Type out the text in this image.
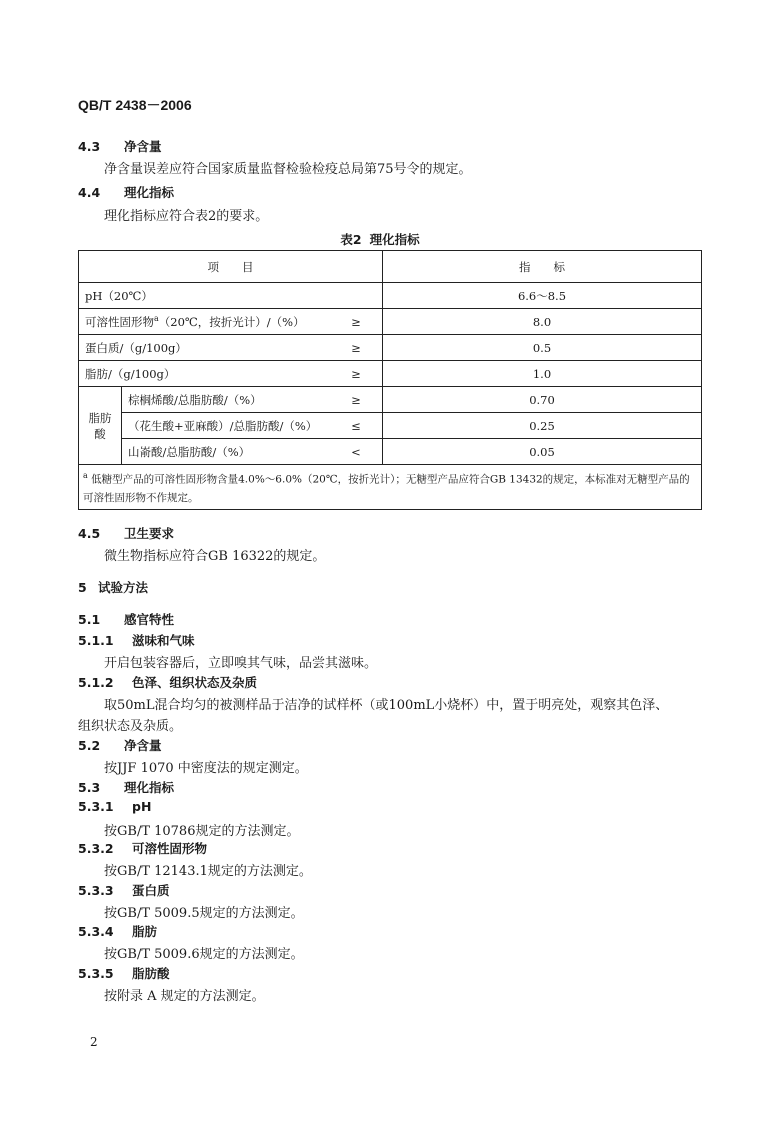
QB/T 2438－2006
4.3 净含量
净含量误差应符合国家质量监督检验检疫总局第75号令的规定。
4.4 理化指标
理化指标应符合表2的要求。
表2 理化指标
项　　目			指　　标
pH（20℃）			6.6～8.5
可溶性固形物$^a$（20℃，按折光计）/（%）		≥	8.0
蛋白质/（g/100g）		≥	0.5
脂肪/（g/100g）		≥	1.0
脂肪酸	棕榈烯酸/总脂肪酸/（%）	≥	0.70
	（花生酸+亚麻酸）/总脂肪酸/（%）	≤	0.25
	山嵛酸/总脂肪酸/（%）	<	0.05
$^a$ 低糖型产品的可溶性固形物含量4.0%～6.0%（20℃，按折光计）；无糖型产品应符合GB 13432的规定，本标准对无糖型产品的可溶性固形物不作规定。			
4.5 卫生要求
微生物指标应符合GB 16322的规定。
5 试验方法
5.1 感官特性
5.1.1 滋味和气味
开启包装容器后，立即嗅其气味，品尝其滋味。
5.1.2 色泽、组织状态及杂质
取50mL混合均匀的被测样品于洁净的试样杯（或100mL小烧杯）中，置于明亮处，观察其色泽、
组织状态及杂质。
5.2 净含量
按JJF 1070 中密度法的规定测定。
5.3 理化指标
5.3.1 pH
按GB/T 10786规定的方法测定。
5.3.2 可溶性固形物
按GB/T 12143.1规定的方法测定。
5.3.3 蛋白质
按GB/T 5009.5规定的方法测定。
5.3.4 脂肪
按GB/T 5009.6规定的方法测定。
5.3.5 脂肪酸
按附录 A 规定的方法测定。
2
